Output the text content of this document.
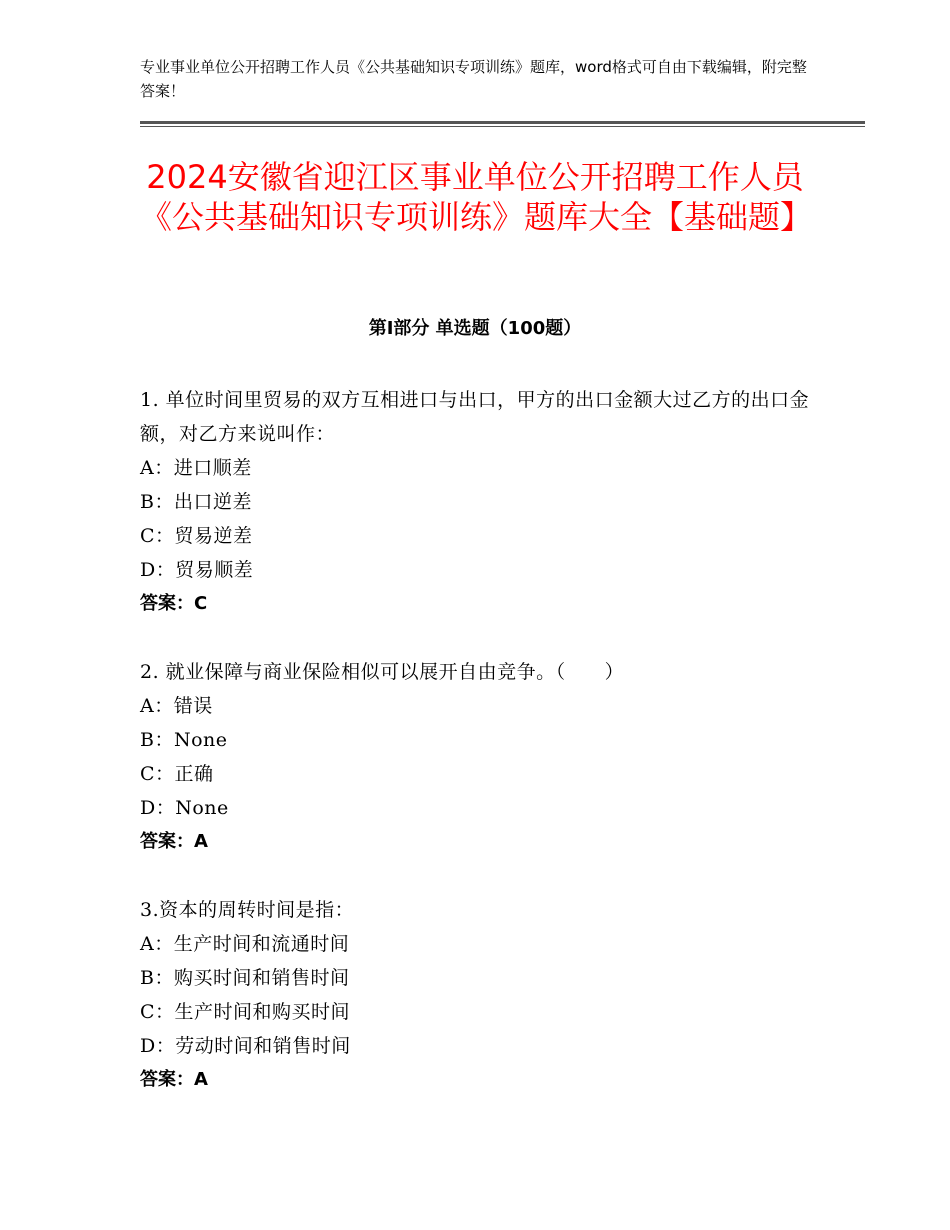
专业事业单位公开招聘工作人员《公共基础知识专项训练》题库，word格式可自由下载编辑，附完整答案！
2024安徽省迎江区事业单位公开招聘工作人员《公共基础知识专项训练》题库大全【基础题】
第Ⅰ部分 单选题（100题）
1. 单位时间里贸易的双方互相进口与出口，甲方的出口金额大过乙方的出口金额，对乙方来说叫作：
A：进口顺差
B：出口逆差
C：贸易逆差
D：贸易顺差
答案：C
2. 就业保障与商业保险相似可以展开自由竞争。（　　）
A：错误
B：None
C：正确
D：None
答案：A
3.资本的周转时间是指：
A：生产时间和流通时间
B：购买时间和销售时间
C：生产时间和购买时间
D：劳动时间和销售时间
答案：A
